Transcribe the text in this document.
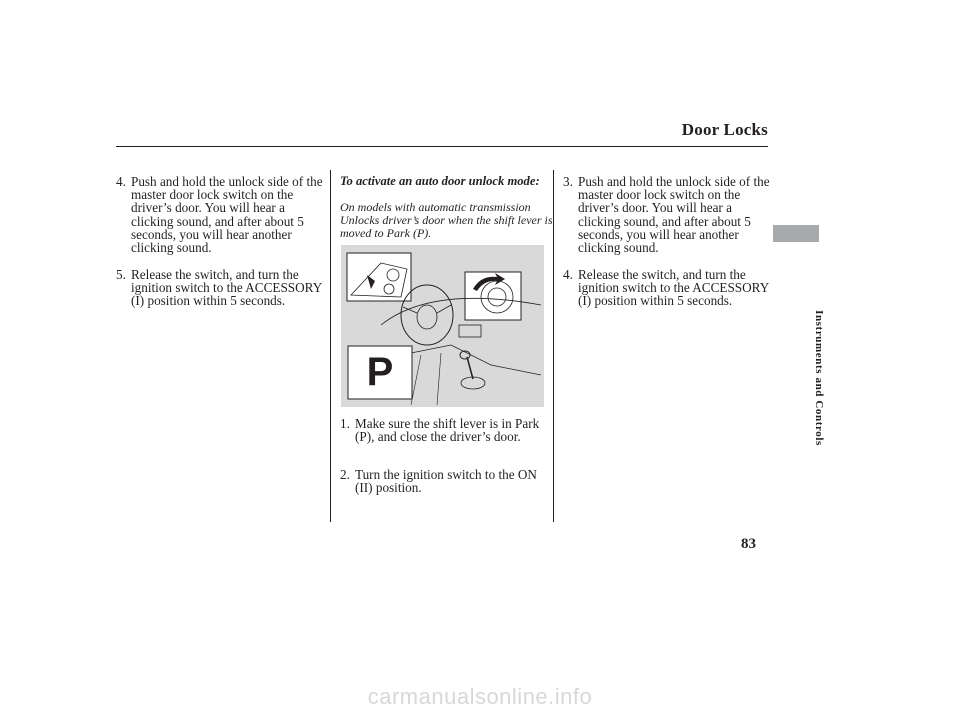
Door Locks
Instruments and Controls
4. Push and hold the unlock side of the master door lock switch on the driver’s door. You will hear a clicking sound, and after about 5 seconds, you will hear another clicking sound.

5. Release the switch, and turn the ignition switch to the ACCESSORY (I) position within 5 seconds.

To activate an auto door unlock mode:
On models with automatic transmission Unlocks driver’s door when the shift lever is moved to Park (P).
P
1. Make sure the shift lever is in Park (P), and close the driver’s door.

2. Turn the ignition switch to the ON (II) position.

3. Push and hold the unlock side of the master door lock switch on the driver’s door. You will hear a clicking sound, and after about 5 seconds, you will hear another clicking sound.

4. Release the switch, and turn the ignition switch to the ACCESSORY (I) position within 5 seconds.

83
carmanualsonline.info
